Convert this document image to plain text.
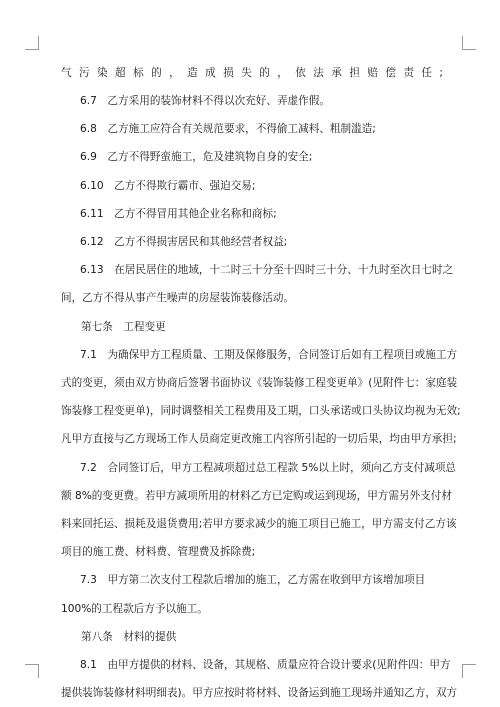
气污染超标的，造成损失的，依法承担赔偿责任;
6.7　乙方采用的装饰材料不得以次充好、弄虚作假。
6.8　乙方施工应符合有关规范要求，不得偷工减料、粗制滥造;
6.9　乙方不得野蛮施工，危及建筑物自身的安全;
6.10　乙方不得欺行霸市、强迫交易;
6.11　乙方不得冒用其他企业名称和商标;
6.12　乙方不得损害居民和其他经营者权益;
6.13　在居民居住的地域，十二时三十分至十四时三十分、十九时至次日七时之
间，乙方不得从事产生噪声的房屋装饰装修活动。
第七条　工程变更
7.1　为确保甲方工程质量、工期及保修服务，合同签订后如有工程项目或施工方
式的变更，须由双方协商后签署书面协议《装饰装修工程变更单》(见附件七：家庭装
饰装修工程变更单)，同时调整相关工程费用及工期，口头承诺或口头协议均视为无效;
凡甲方直接与乙方现场工作人员商定更改施工内容所引起的一切后果，均由甲方承担;
7.2　合同签订后，甲方工程减项超过总工程款 5%以上时，须向乙方支付减项总
额 8%的变更费。若甲方减项所用的材料乙方已定购或运到现场，甲方需另外支付材
料来回托运、损耗及退货费用;若甲方要求减少的施工项目已施工，甲方需支付乙方该
项目的施工费、材料费、管理费及拆除费;
7.3　甲方第二次支付工程款后增加的施工，乙方需在收到甲方该增加项目
100%的工程款后方予以施工。
第八条　材料的提供
8.1　由甲方提供的材料、设备，其规格、质量应符合设计要求(见附件四：甲方
提供装饰装修材料明细表)。甲方应按时将材料、设备运到施工现场并通知乙方，双方
